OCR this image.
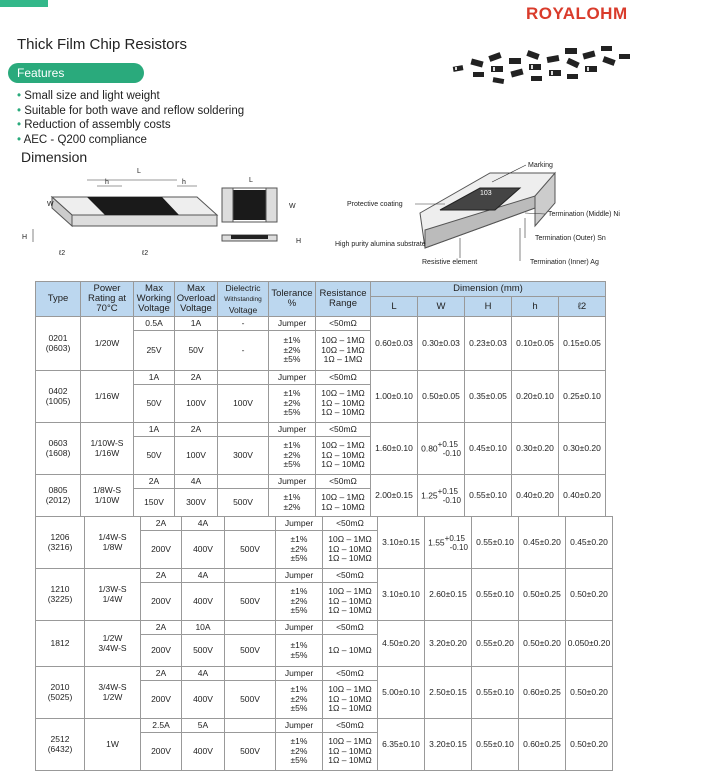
ROYALOHM
Thick Film Chip Resistors
Features
• Small size and light weight
• Suitable for both wave and reflow soldering
• Reduction of assembly costs
• AEC - Q200 compliance
Dimension
L
h	h
W
H
ℓ2	ℓ2
L
W
H
103
Marking
Protective coating
Termination (Middle) Ni
Termination (Outer) Sn
High purity alumina substrate
Resistive element	Termination (Inner) Ag
Type	Power Rating at 70°C	Max Working Voltage	Max Overload Voltage	Dielectric
Withstanding
Voltage	Tolerance %	Resistance Range	Dimension (mm)				
							L	W	H	h	ℓ2
0201
(0603)	1/20W	0.5A	1A	-	Jumper	<50mΩ	0.60±0.03	0.30±0.03	0.23±0.03	0.10±0.05	0.15±0.05
		25V	50V	-	±1%
±2%
±5%	10Ω – 1MΩ
10Ω – 1MΩ
1Ω – 1MΩ					
0402
(1005)	1/16W	1A	2A		Jumper	<50mΩ	1.00±0.10	0.50±0.05	0.35±0.05	0.20±0.10	0.25±0.10
		50V	100V	100V	±1%
±2%
±5%	10Ω – 1MΩ
1Ω – 10MΩ
1Ω – 10MΩ					
0603
(1608)	1/10W-S
1/16W	1A	2A		Jumper	<50mΩ	1.60±0.10	0.80+0.15
-0.10	0.45±0.10	0.30±0.20	0.30±0.20
		50V	100V	300V	±1%
±2%
±5%	10Ω – 1MΩ
1Ω – 10MΩ
1Ω – 10MΩ					
0805
(2012)	1/8W-S
1/10W	2A	4A		Jumper	<50mΩ	2.00±0.15	1.25+0.15
-0.10	0.55±0.10	0.40±0.20	0.40±0.20
		150V	300V	500V	±1%
±2%	10Ω – 1MΩ
1Ω – 10MΩ					
1206
(3216)	1/4W-S
1/8W	2A	4A		Jumper	<50mΩ	3.10±0.15	1.55+0.15
-0.10	0.55±0.10	0.45±0.20	0.45±0.20
		200V	400V	500V	±1%
±2%
±5%	10Ω – 1MΩ
1Ω – 10MΩ
1Ω – 10MΩ					
1210
(3225)	1/3W-S
1/4W	2A	4A		Jumper	<50mΩ	3.10±0.10	2.60±0.15	0.55±0.10	0.50±0.25	0.50±0.20
		200V	400V	500V	±1%
±2%
±5%	10Ω – 1MΩ
1Ω – 10MΩ
1Ω – 10MΩ					
1812	1/2W
3/4W-S	2A	10A		Jumper	<50mΩ	4.50±0.20	3.20±0.20	0.55±0.20	0.50±0.20	0.050±0.20
		200V	500V	500V	±1%
±5%	1Ω – 10MΩ					
2010
(5025)	3/4W-S
1/2W	2A	4A		Jumper	<50mΩ	5.00±0.10	2.50±0.15	0.55±0.10	0.60±0.25	0.50±0.20
		200V	400V	500V	±1%
±2%
±5%	10Ω – 1MΩ
1Ω – 10MΩ
1Ω – 10MΩ					
2512
(6432)	1W	2.5A	5A		Jumper	<50mΩ	6.35±0.10	3.20±0.15	0.55±0.10	0.60±0.25	0.50±0.20
		200V	400V	500V	±1%
±2%
±5%	10Ω – 1MΩ
1Ω – 10MΩ
1Ω – 10MΩ					
